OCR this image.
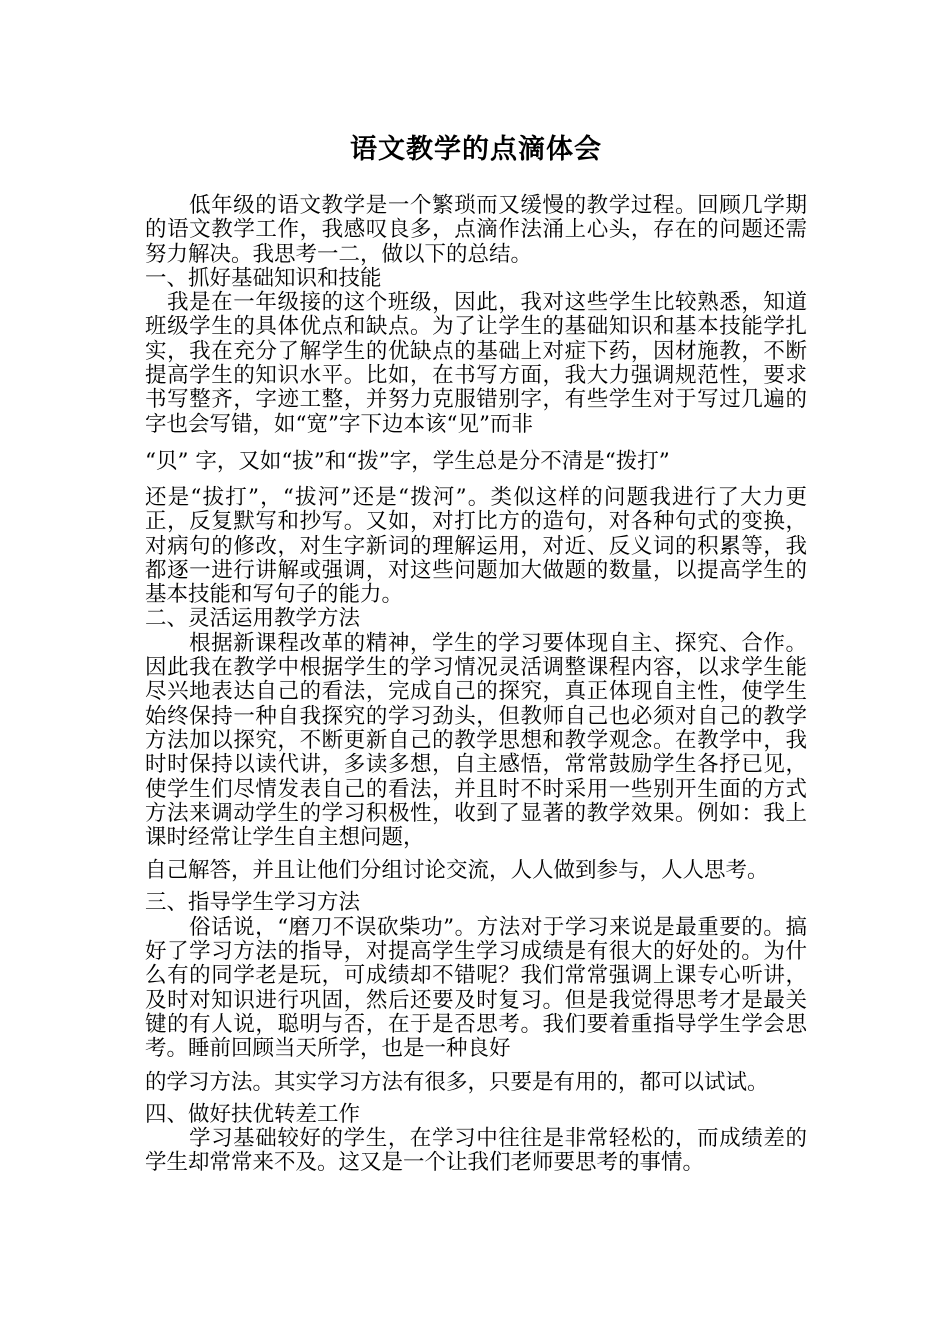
语文教学的点滴体会

低年级的语文教学是一个繁琐而又缓慢的教学过程。回顾几学期的语文教学工作，我感叹良多，点滴作法涌上心头，存在的问题还需努力解决。我思考一二，做以下的总结。

一、抓好基础知识和技能

我是在一年级接的这个班级，因此，我对这些学生比较熟悉，知道班级学生的具体优点和缺点。为了让学生的基础知识和基本技能学扎实，我在充分了解学生的优缺点的基础上对症下药，因材施教，不断提高学生的知识水平。比如，在书写方面，我大力强调规范性，要求书写整齐，字迹工整，并努力克服错别字，有些学生对于写过几遍的字也会写错，如“宽”字下边本该“见”而非

“贝” 字，又如“拔”和“拨”字，学生总是分不清是“拨打”

还是“拔打”，“拔河”还是“拨河”。类似这样的问题我进行了大力更正，反复默写和抄写。又如，对打比方的造句，对各种句式的变换，对病句的修改，对生字新词的理解运用，对近、反义词的积累等，我都逐一进行讲解或强调，对这些问题加大做题的数量，以提高学生的基本技能和写句子的能力。

二、灵活运用教学方法

根据新课程改革的精神，学生的学习要体现自主、探究、合作。因此我在教学中根据学生的学习情况灵活调整课程内容，以求学生能尽兴地表达自己的看法，完成自己的探究，真正体现自主性，使学生始终保持一种自我探究的学习劲头，但教师自己也必须对自己的教学方法加以探究，不断更新自己的教学思想和教学观念。在教学中，我时时保持以读代讲，多读多想，自主感悟，常常鼓励学生各抒已见，使学生们尽情发表自己的看法，并且时不时采用一些别开生面的方式方法来调动学生的学习积极性，收到了显著的教学效果。例如：我上课时经常让学生自主想问题，

自己解答，并且让他们分组讨论交流，人人做到参与，人人思考。

三、指导学生学习方法

俗话说，“磨刀不误砍柴功”。方法对于学习来说是最重要的。搞好了学习方法的指导，对提高学生学习成绩是有很大的好处的。为什么有的同学老是玩，可成绩却不错呢？我们常常强调上课专心听讲，及时对知识进行巩固，然后还要及时复习。但是我觉得思考才是最关键的有人说，聪明与否，在于是否思考。我们要着重指导学生学会思考。睡前回顾当天所学，也是一种良好

的学习方法。其实学习方法有很多，只要是有用的，都可以试试。

四、做好扶优转差工作

学习基础较好的学生，在学习中往往是非常轻松的，而成绩差的学生却常常来不及。这又是一个让我们老师要思考的事情。
